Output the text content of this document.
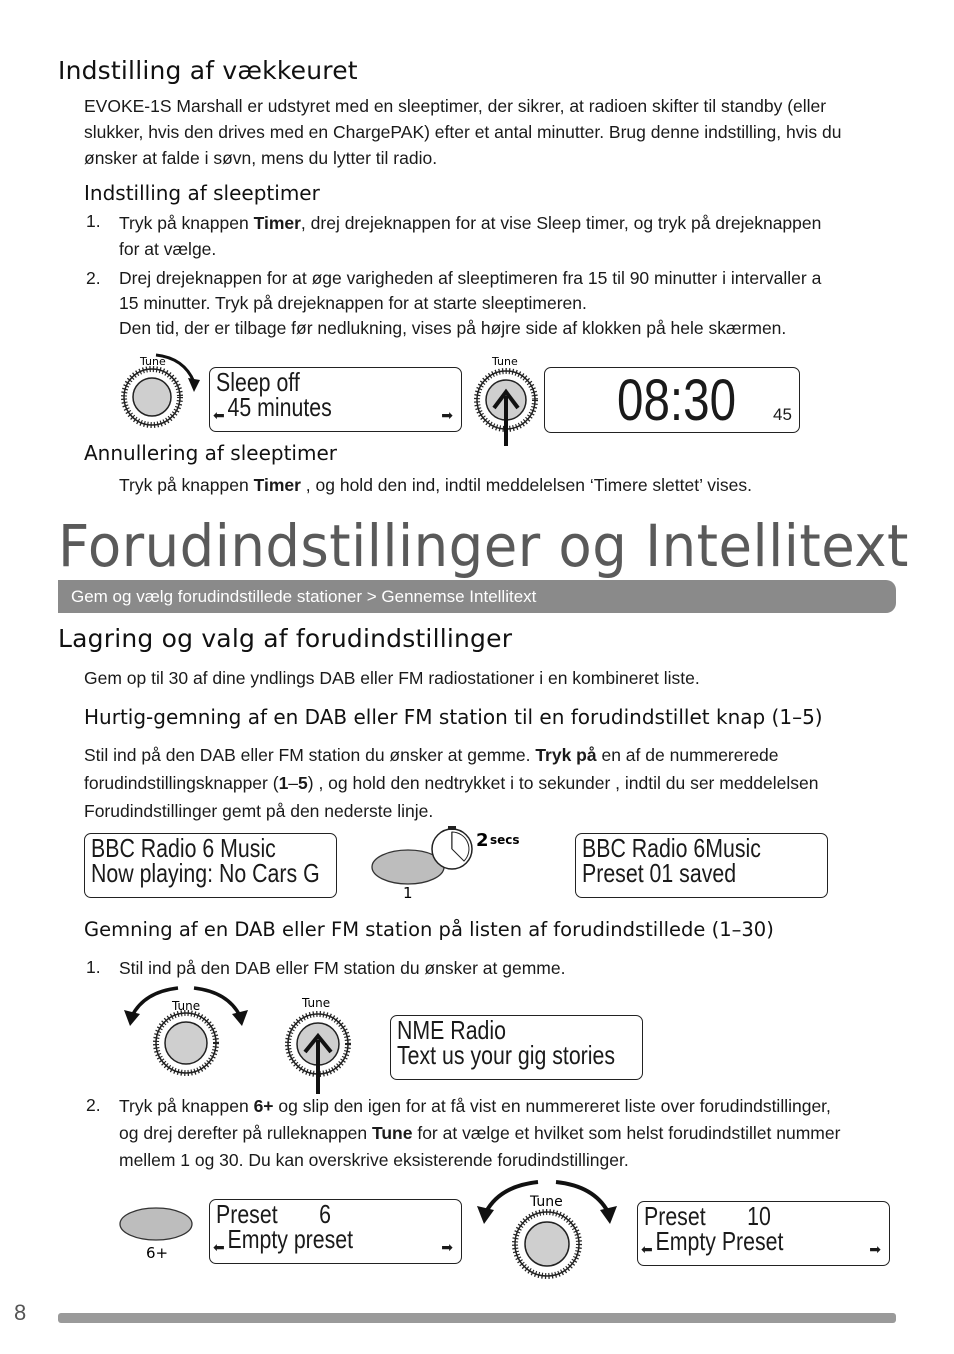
Indstilling af vækkeuret
EVOKE-1S Marshall er udstyret med en sleeptimer, der sikrer, at radioen skifter til standby (eller
slukker, hvis den drives med en ChargePAK) efter et antal minutter. Brug denne indstilling, hvis du
ønsker at falde i søvn, mens du lytter til radio.
Indstilling af sleeptimer
1. Tryk på knappen Timer, drej drejeknappen for at vise Sleep timer, og tryk på drejeknappen
for at vælge.
2. Drej drejeknappen for at øge varigheden af sleeptimeren fra 15 til 90 minutter i intervaller a
15 minutter. Tryk på drejeknappen for at starte sleeptimeren.
Den tid, der er tilbage før nedlukning, vises på højre side af klokken på hele skærmen.
Tune
Sleep off
45 minutes
⬅	➡
Tune
08:30 45
Annullering af sleeptimer
Tryk på knappen Timer , og hold den ind, indtil meddelelsen ‘Timere slettet’ vises.
Forudindstillinger og Intellitext
Gem og vælg forudindstillede stationer > Gennemse Intellitext
Lagring og valg af forudindstillinger
Gem op til 30 af dine yndlings DAB eller FM radiostationer i en kombineret liste.
Hurtig-gemning af en DAB eller FM station til en forudindstillet knap (1–5)
Stil ind på den DAB eller FM station du ønsker at gemme. Tryk på en af de nummererede
forudindstillingsknapper (1–5) , og hold den nedtrykket i to sekunder , indtil du ser meddelelsen
Forudindstillinger gemt på den nederste linje.
BBC Radio 6 Music
Now playing: No Cars G
1
2 secs BBC Radio 6Music
Preset 01 saved
Gemning af en DAB eller FM station på listen af forudindstillede (1–30)
1. Stil ind på den DAB eller FM station du ønsker at gemme.
Tune	Tune
NME Radio
Text us your gig stories
2. Tryk på knappen 6+ og slip den igen for at få vist en nummereret liste over forudindstillinger,
og drej derefter på rulleknappen Tune for at vælge et hvilket som helst forudindstillet nummer
mellem 1 og 30. Du kan overskrive eksisterende forudindstillinger.
6+
Preset       6
Empty preset
⬅	➡
Tune	Preset       10
Empty Preset
⬅	➡
8
